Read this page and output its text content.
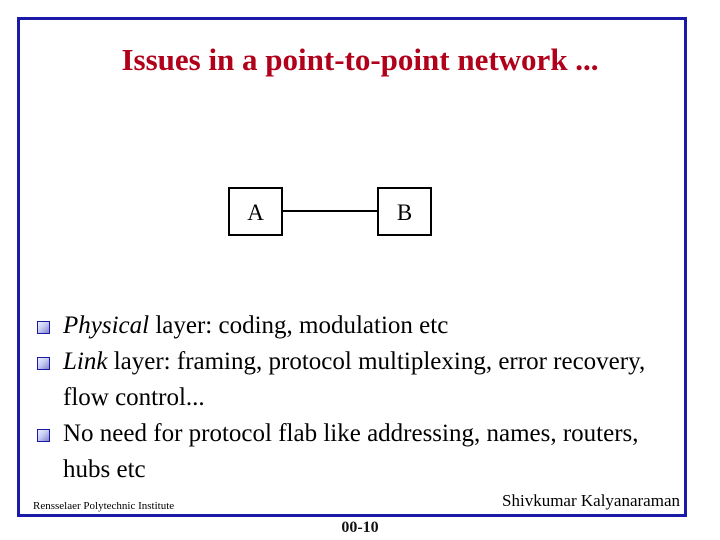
Issues in a point-to-point network ...
A	B
Physical layer: coding, modulation etc
Link layer: framing, protocol multiplexing, error recovery, flow control...
No need for protocol flab like addressing, names, routers, hubs etc
Rensselaer Polytechnic Institute	Shivkumar Kalyanaraman
00-10
